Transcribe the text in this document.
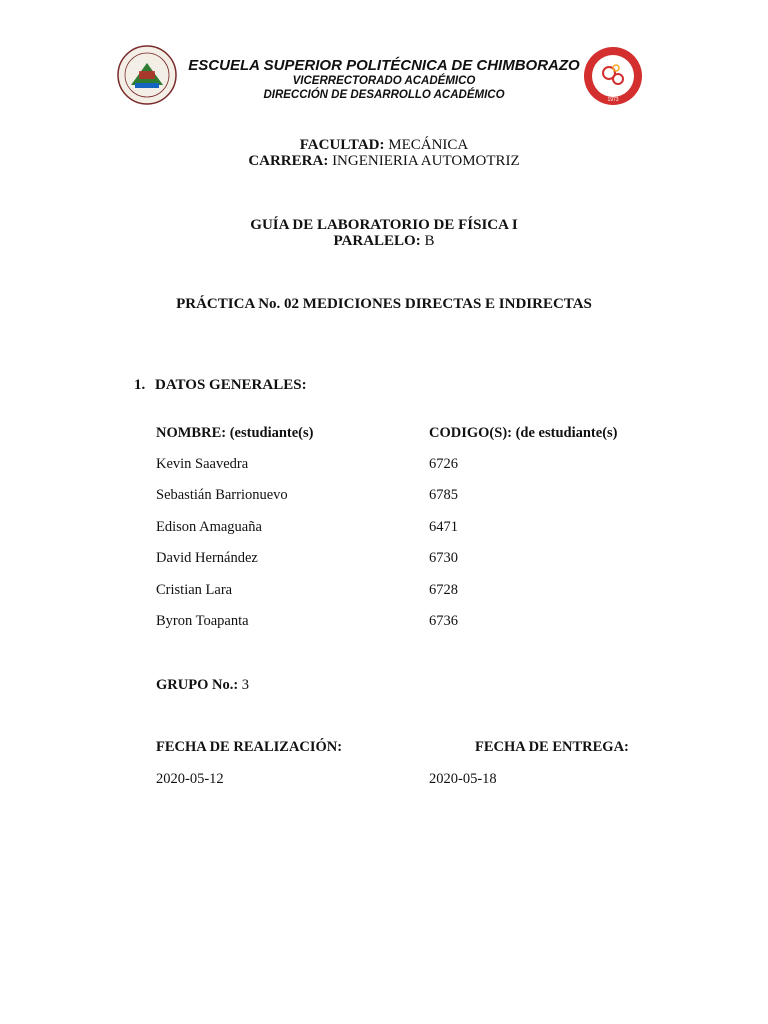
1973
ESCUELA SUPERIOR POLITÉCNICA DE CHIMBORAZO
VICERRECTORADO ACADÉMICO
DIRECCIÓN DE DESARROLLO ACADÉMICO
FACULTAD: MECÁNICA
CARRERA: INGENIERIA AUTOMOTRIZ
GUÍA DE LABORATORIO DE FÍSICA I
PARALELO: B
PRÁCTICA No. 02 MEDICIONES DIRECTAS E INDIRECTAS
1. DATOS GENERALES:
NOMBRE: (estudiante(s)	CODIGO(S): (de estudiante(s)
Kevin Saavedra	6726
Sebastián Barrionuevo	6785
Edison Amaguaña	6471
David Hernández	6730
Cristian Lara	6728
Byron Toapanta	6736
GRUPO No.: 3
FECHA DE REALIZACIÓN:	FECHA DE ENTREGA:
2020-05-12	2020-05-18
